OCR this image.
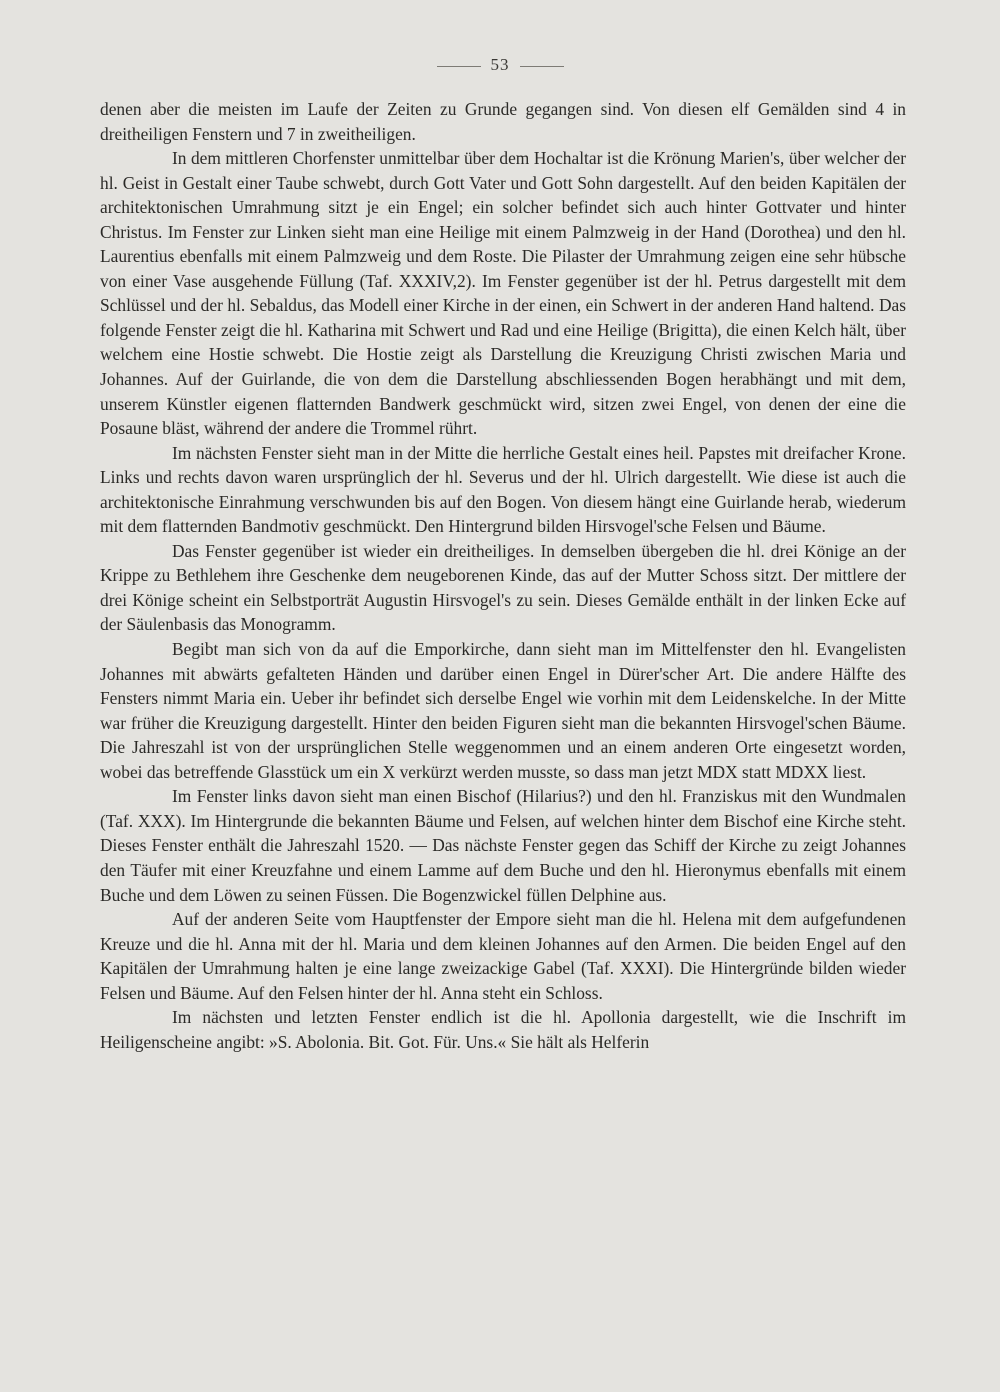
53

denen aber die meisten im Laufe der Zeiten zu Grunde gegangen sind. Von diesen elf Gemälden sind 4 in dreitheiligen Fenstern und 7 in zweitheiligen.

In dem mittleren Chorfenster unmittelbar über dem Hochaltar ist die Krönung Marien's, über welcher der hl. Geist in Gestalt einer Taube schwebt, durch Gott Vater und Gott Sohn dargestellt. Auf den beiden Kapitälen der architektonischen Umrahmung sitzt je ein Engel; ein solcher befindet sich auch hinter Gottvater und hinter Christus. Im Fenster zur Linken sieht man eine Heilige mit einem Palmzweig in der Hand (Dorothea) und den hl. Laurentius ebenfalls mit einem Palmzweig und dem Roste. Die Pilaster der Umrahmung zeigen eine sehr hübsche von einer Vase ausgehende Füllung (Taf. XXXIV,2). Im Fenster gegenüber ist der hl. Petrus dargestellt mit dem Schlüssel und der hl. Sebaldus, das Modell einer Kirche in der einen, ein Schwert in der anderen Hand haltend. Das folgende Fenster zeigt die hl. Katharina mit Schwert und Rad und eine Heilige (Brigitta), die einen Kelch hält, über welchem eine Hostie schwebt. Die Hostie zeigt als Darstellung die Kreuzigung Christi zwischen Maria und Johannes. Auf der Guirlande, die von dem die Darstellung abschliessenden Bogen herabhängt und mit dem, unserem Künstler eigenen flatternden Bandwerk geschmückt wird, sitzen zwei Engel, von denen der eine die Posaune bläst, während der andere die Trommel rührt.

Im nächsten Fenster sieht man in der Mitte die herrliche Gestalt eines heil. Papstes mit dreifacher Krone. Links und rechts davon waren ursprünglich der hl. Severus und der hl. Ulrich dargestellt. Wie diese ist auch die architektonische Einrahmung verschwunden bis auf den Bogen. Von diesem hängt eine Guirlande herab, wiederum mit dem flatternden Bandmotiv geschmückt. Den Hintergrund bilden Hirsvogel'sche Felsen und Bäume.

Das Fenster gegenüber ist wieder ein dreitheiliges. In demselben übergeben die hl. drei Könige an der Krippe zu Bethlehem ihre Geschenke dem neugeborenen Kinde, das auf der Mutter Schoss sitzt. Der mittlere der drei Könige scheint ein Selbstporträt Augustin Hirsvogel's zu sein. Dieses Gemälde enthält in der linken Ecke auf der Säulenbasis das Monogramm.

Begibt man sich von da auf die Emporkirche, dann sieht man im Mittelfenster den hl. Evangelisten Johannes mit abwärts gefalteten Händen und darüber einen Engel in Dürer'scher Art. Die andere Hälfte des Fensters nimmt Maria ein. Ueber ihr befindet sich derselbe Engel wie vorhin mit dem Leidenskelche. In der Mitte war früher die Kreuzigung dargestellt. Hinter den beiden Figuren sieht man die bekannten Hirsvogel'schen Bäume. Die Jahreszahl ist von der ursprünglichen Stelle weggenommen und an einem anderen Orte eingesetzt worden, wobei das betreffende Glasstück um ein X verkürzt werden musste, so dass man jetzt MDX statt MDXX liest.

Im Fenster links davon sieht man einen Bischof (Hilarius?) und den hl. Franziskus mit den Wundmalen (Taf. XXX). Im Hintergrunde die bekannten Bäume und Felsen, auf welchen hinter dem Bischof eine Kirche steht. Dieses Fenster enthält die Jahreszahl 1520. — Das nächste Fenster gegen das Schiff der Kirche zu zeigt Johannes den Täufer mit einer Kreuzfahne und einem Lamme auf dem Buche und den hl. Hieronymus ebenfalls mit einem Buche und dem Löwen zu seinen Füssen. Die Bogenzwickel füllen Delphine aus.

Auf der anderen Seite vom Hauptfenster der Empore sieht man die hl. Helena mit dem aufgefundenen Kreuze und die hl. Anna mit der hl. Maria und dem kleinen Johannes auf den Armen. Die beiden Engel auf den Kapitälen der Umrahmung halten je eine lange zweizackige Gabel (Taf. XXXI). Die Hintergründe bilden wieder Felsen und Bäume. Auf den Felsen hinter der hl. Anna steht ein Schloss.

Im nächsten und letzten Fenster endlich ist die hl. Apollonia dargestellt, wie die Inschrift im Heiligenscheine angibt: »S. Abolonia. Bit. Got. Für. Uns.« Sie hält als Helferin
